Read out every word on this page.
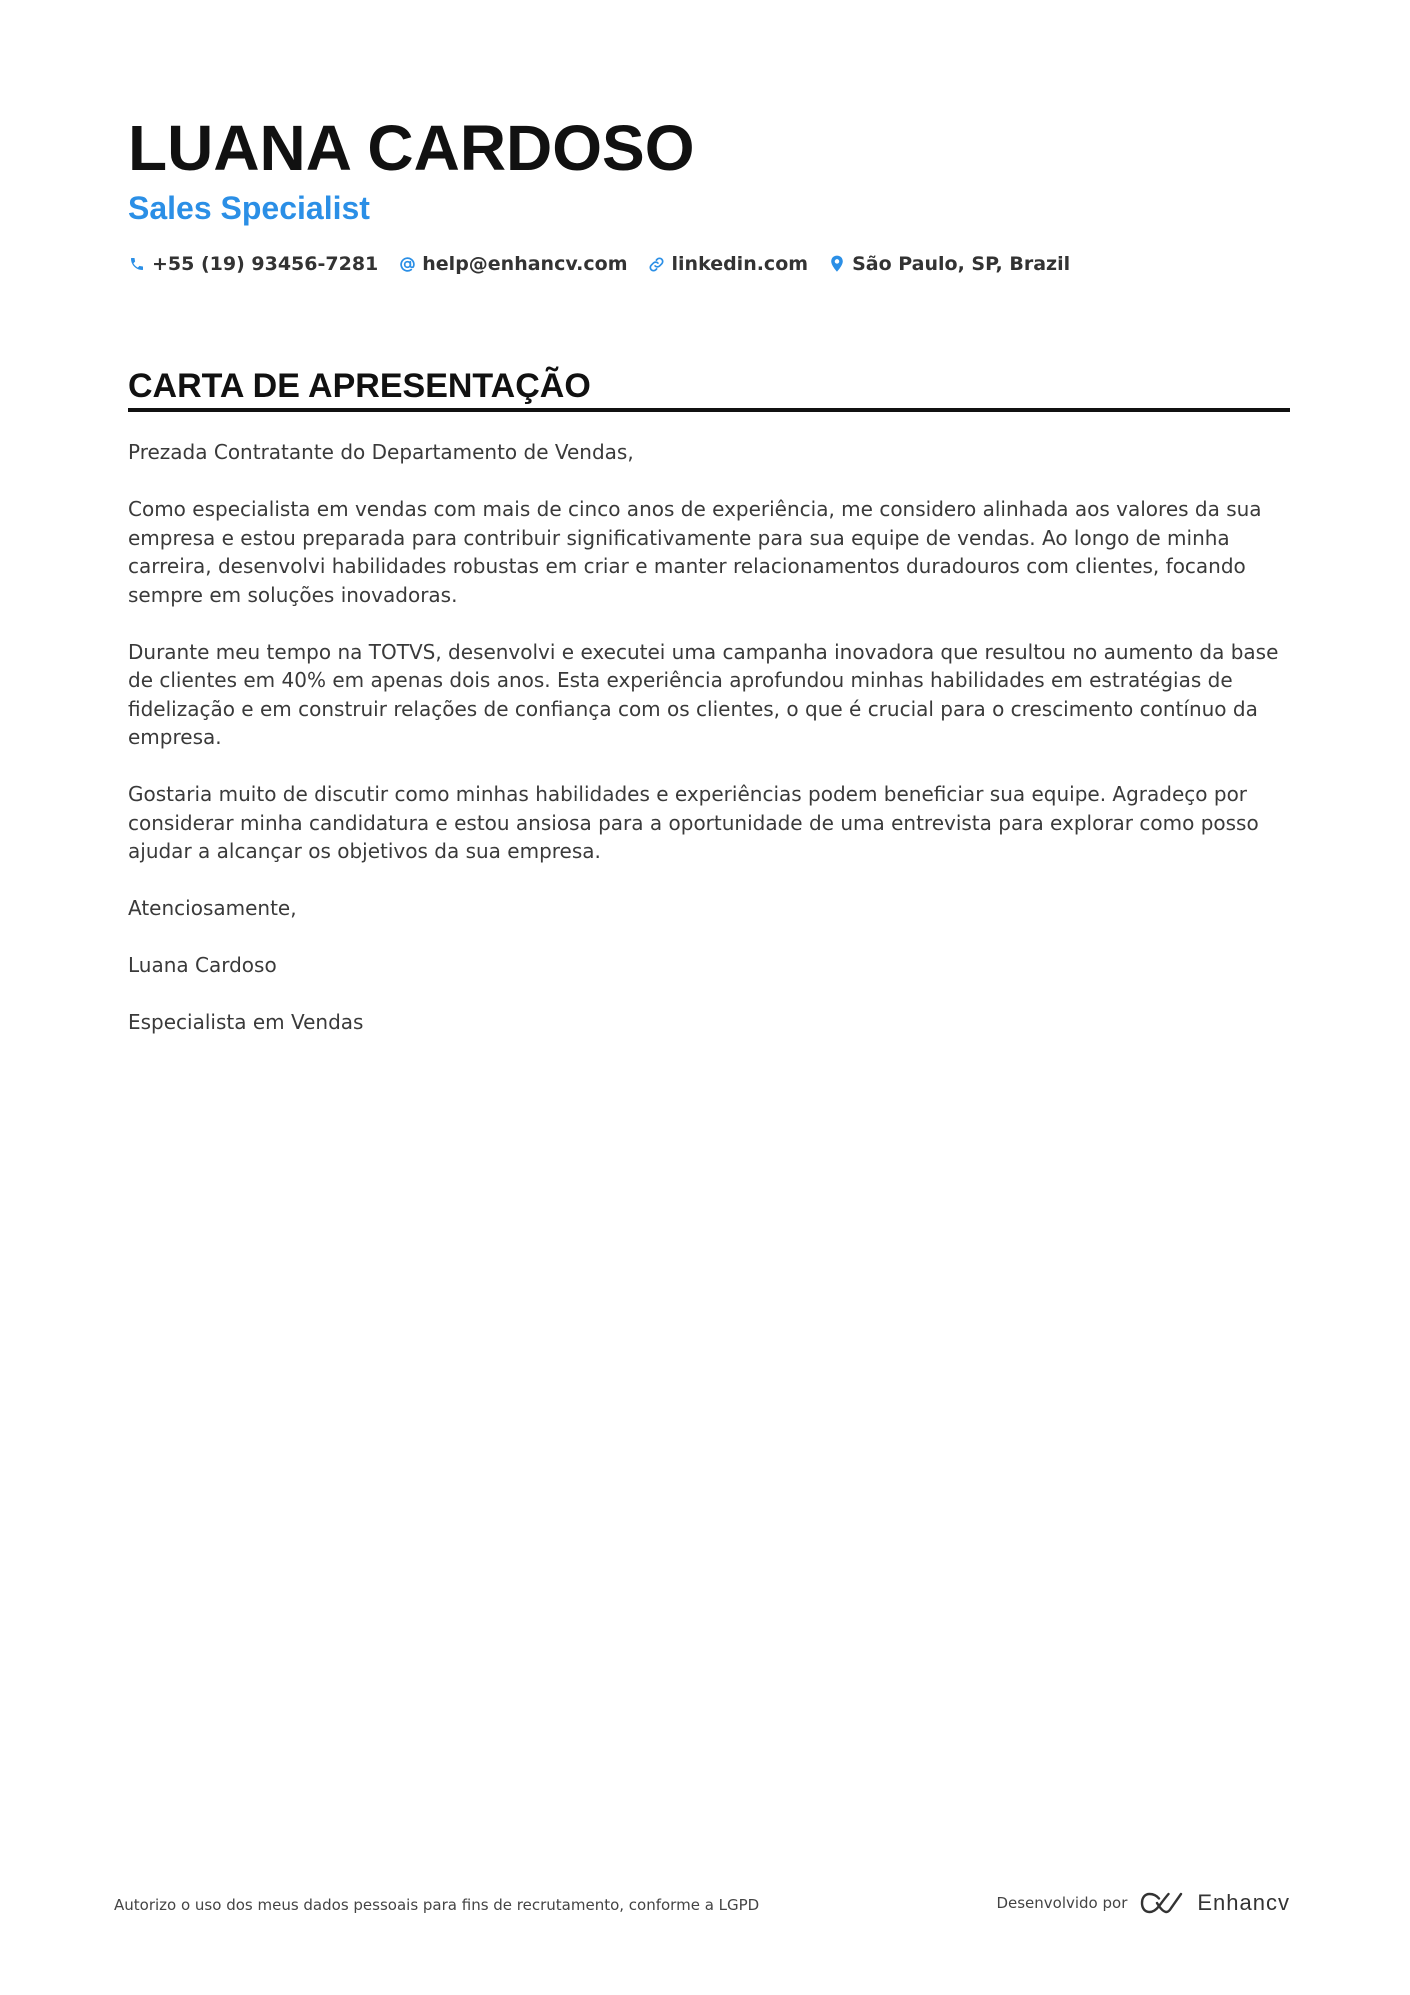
LUANA CARDOSO
Sales Specialist
+55 (19) 93456-7281 help@enhancv.com linkedin.com São Paulo, SP, Brazil
CARTA DE APRESENTAÇÃO

Prezada Contratante do Departamento de Vendas,

Como especialista em vendas com mais de cinco anos de experiência, me considero alinhada aos valores da sua empresa e estou preparada para contribuir significativamente para sua equipe de vendas. Ao longo de minha carreira, desenvolvi habilidades robustas em criar e manter relacionamentos duradouros com clientes, focando sempre em soluções inovadoras.

Durante meu tempo na TOTVS, desenvolvi e executei uma campanha inovadora que resultou no aumento da base de clientes em 40% em apenas dois anos. Esta experiência aprofundou minhas habilidades em estratégias de fidelização e em construir relações de confiança com os clientes, o que é crucial para o crescimento contínuo da empresa.

Gostaria muito de discutir como minhas habilidades e experiências podem beneficiar sua equipe. Agradeço por considerar minha candidatura e estou ansiosa para a oportunidade de uma entrevista para explorar como posso ajudar a alcançar os objetivos da sua empresa.

Atenciosamente,

Luana Cardoso

Especialista em Vendas

Autorizo o uso dos meus dados pessoais para fins de recrutamento, conforme a LGPD	Desenvolvido por	Enhancv
